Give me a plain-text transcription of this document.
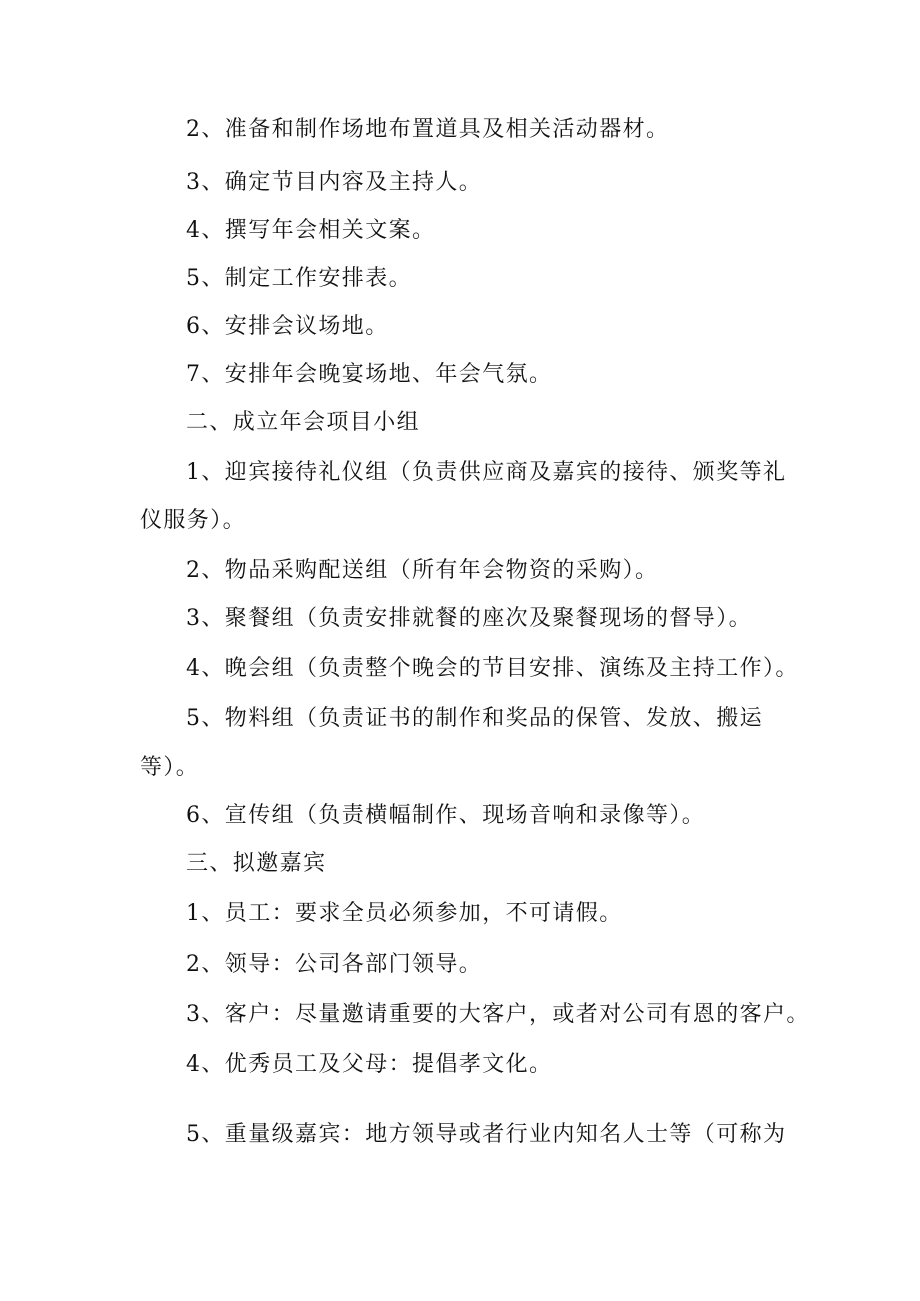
2、准备和制作场地布置道具及相关活动器材。
3、确定节目内容及主持人。
4、撰写年会相关文案。
5、制定工作安排表。
6、安排会议场地。
7、安排年会晚宴场地、年会气氛。
二、成立年会项目小组
1、迎宾接待礼仪组（负责供应商及嘉宾的接待、颁奖等礼
仪服务）。
2、物品采购配送组（所有年会物资的采购）。
3、聚餐组（负责安排就餐的座次及聚餐现场的督导）。
4、晚会组（负责整个晚会的节目安排、演练及主持工作）。
5、物料组（负责证书的制作和奖品的保管、发放、搬运
等）。
6、宣传组（负责横幅制作、现场音响和录像等）。
三、拟邀嘉宾
1、员工：要求全员必须参加，不可请假。
2、领导：公司各部门领导。
3、客户：尽量邀请重要的大客户，或者对公司有恩的客户。
4、优秀员工及父母：提倡孝文化。
5、重量级嘉宾：地方领导或者行业内知名人士等（可称为
